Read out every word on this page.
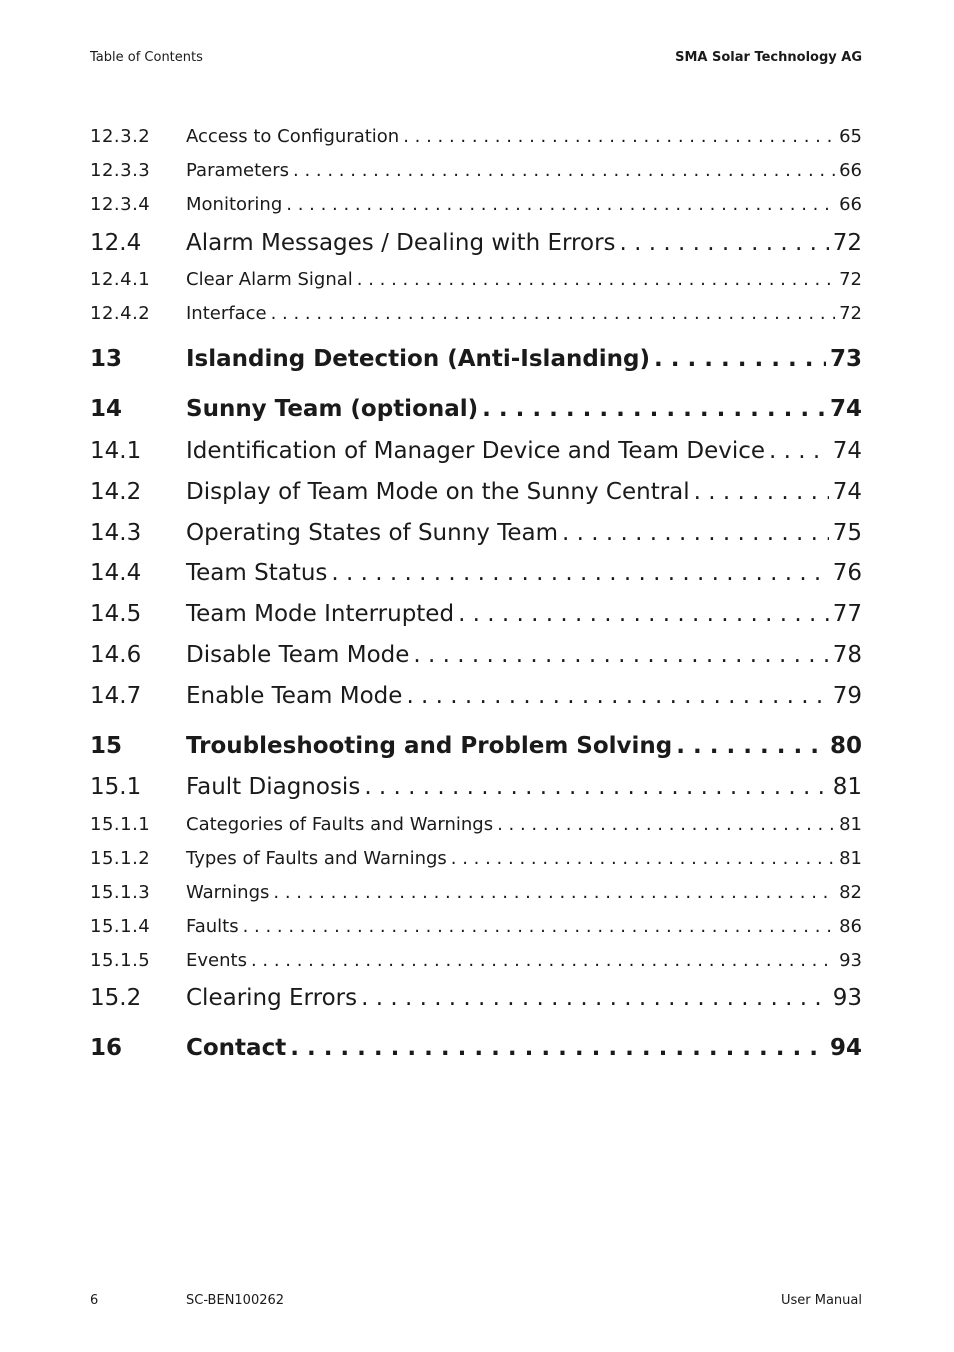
Table of Contents	SMA Solar Technology AG
12.3.2	Access to Configuration . . .	65
12.3.3	Parameters . . .	66
12.3.4	Monitoring . . .	66
12.4	Alarm Messages / Dealing with Errors . . .	72
12.4.1	Clear Alarm Signal . . .	72
12.4.2	Interface . . .	72
13	Islanding Detection (Anti-Islanding) . . .	73
14	Sunny Team (optional) . . .	74
14.1	Identification of Manager Device and Team Device . . .	74
14.2	Display of Team Mode on the Sunny Central . . .	74
14.3	Operating States of Sunny Team . . .	75
14.4	Team Status . . .	76
14.5	Team Mode Interrupted . . .	77
14.6	Disable Team Mode . . .	78
14.7	Enable Team Mode . . .	79
15	Troubleshooting and Problem Solving . . .	80
15.1	Fault Diagnosis . . .	81
15.1.1	Categories of Faults and Warnings . . .	81
15.1.2	Types of Faults and Warnings . . .	81
15.1.3	Warnings . . .	82
15.1.4	Faults . . .	86
15.1.5	Events . . .	93
15.2	Clearing Errors . . .	93
16	Contact . . .	94
6	SC-BEN100262	User Manual
